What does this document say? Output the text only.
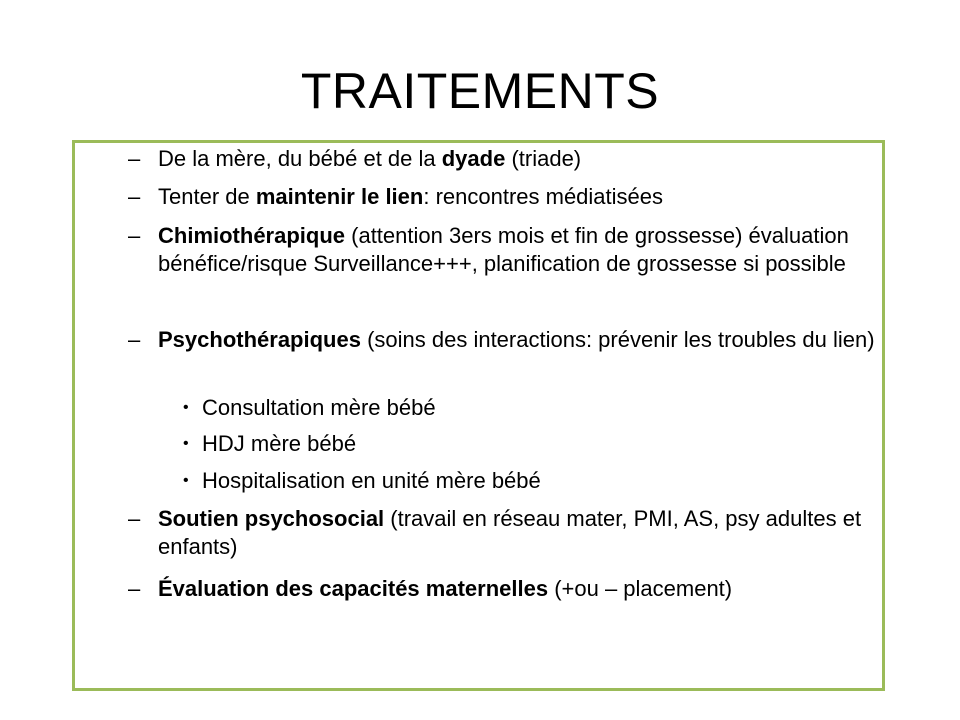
TRAITEMENTS
– De la mère, du bébé et de la dyade (triade)
– Tenter de maintenir le lien: rencontres médiatisées
– Chimiothérapique (attention 3ers mois et fin de grossesse) évaluation bénéfice/risque Surveillance+++, planification de grossesse si possible
– Psychothérapiques (soins des interactions: prévenir les troubles du lien)
• Consultation mère bébé
• HDJ mère bébé
• Hospitalisation en unité mère bébé
– Soutien psychosocial (travail en réseau mater, PMI, AS, psy adultes et enfants)
– Évaluation des capacités maternelles (+ou – placement)
